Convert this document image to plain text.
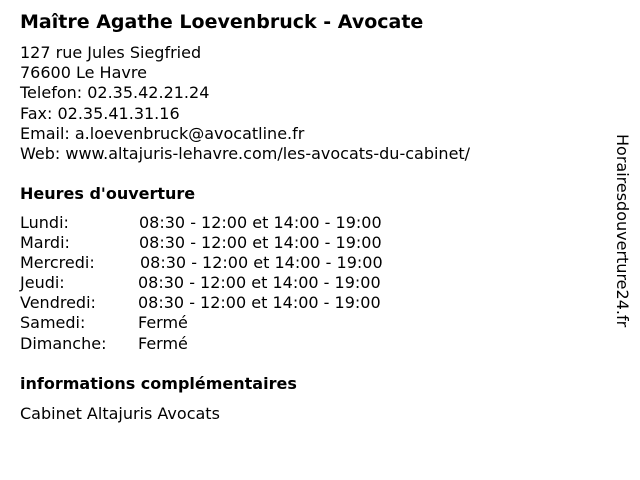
Maître Agathe Loevenbruck - Avocate
127 rue Jules Siegfried
76600 Le Havre
Telefon: 02.35.42.21.24
Fax: 02.35.41.31.16
Email: a.loevenbruck@avocatline.fr
Web: www.altajuris-lehavre.com/les-avocats-du-cabinet/
Heures d'ouverture
Lundi:	08:30 - 12:00 et 14:00 - 19:00
Mardi:	08:30 - 12:00 et 14:00 - 19:00
Mercredi:	08:30 - 12:00 et 14:00 - 19:00
Jeudi:	08:30 - 12:00 et 14:00 - 19:00
Vendredi:	08:30 - 12:00 et 14:00 - 19:00
Samedi:	Fermé
Dimanche: Fermé
informations complémentaires
Cabinet Altajuris Avocats
Horairesdouverture24.fr
